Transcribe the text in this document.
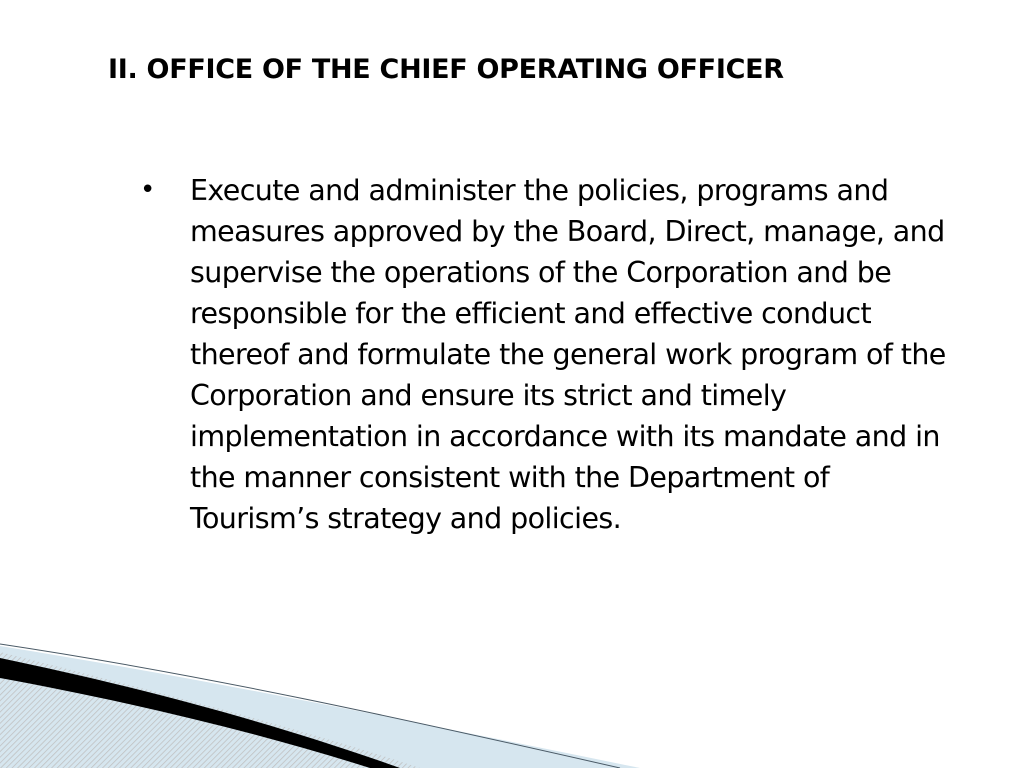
II. OFFICE OF THE CHIEF OPERATING OFFICER
• Execute and administer the policies, programs and measures approved by the Board, Direct, manage, and supervise the operations of the Corporation and be responsible for the efficient and effective conduct thereof and formulate the general work program of the Corporation and ensure its strict and timely implementation in accordance with its mandate and in the manner consistent with the Department of Tourism’s strategy and policies.
